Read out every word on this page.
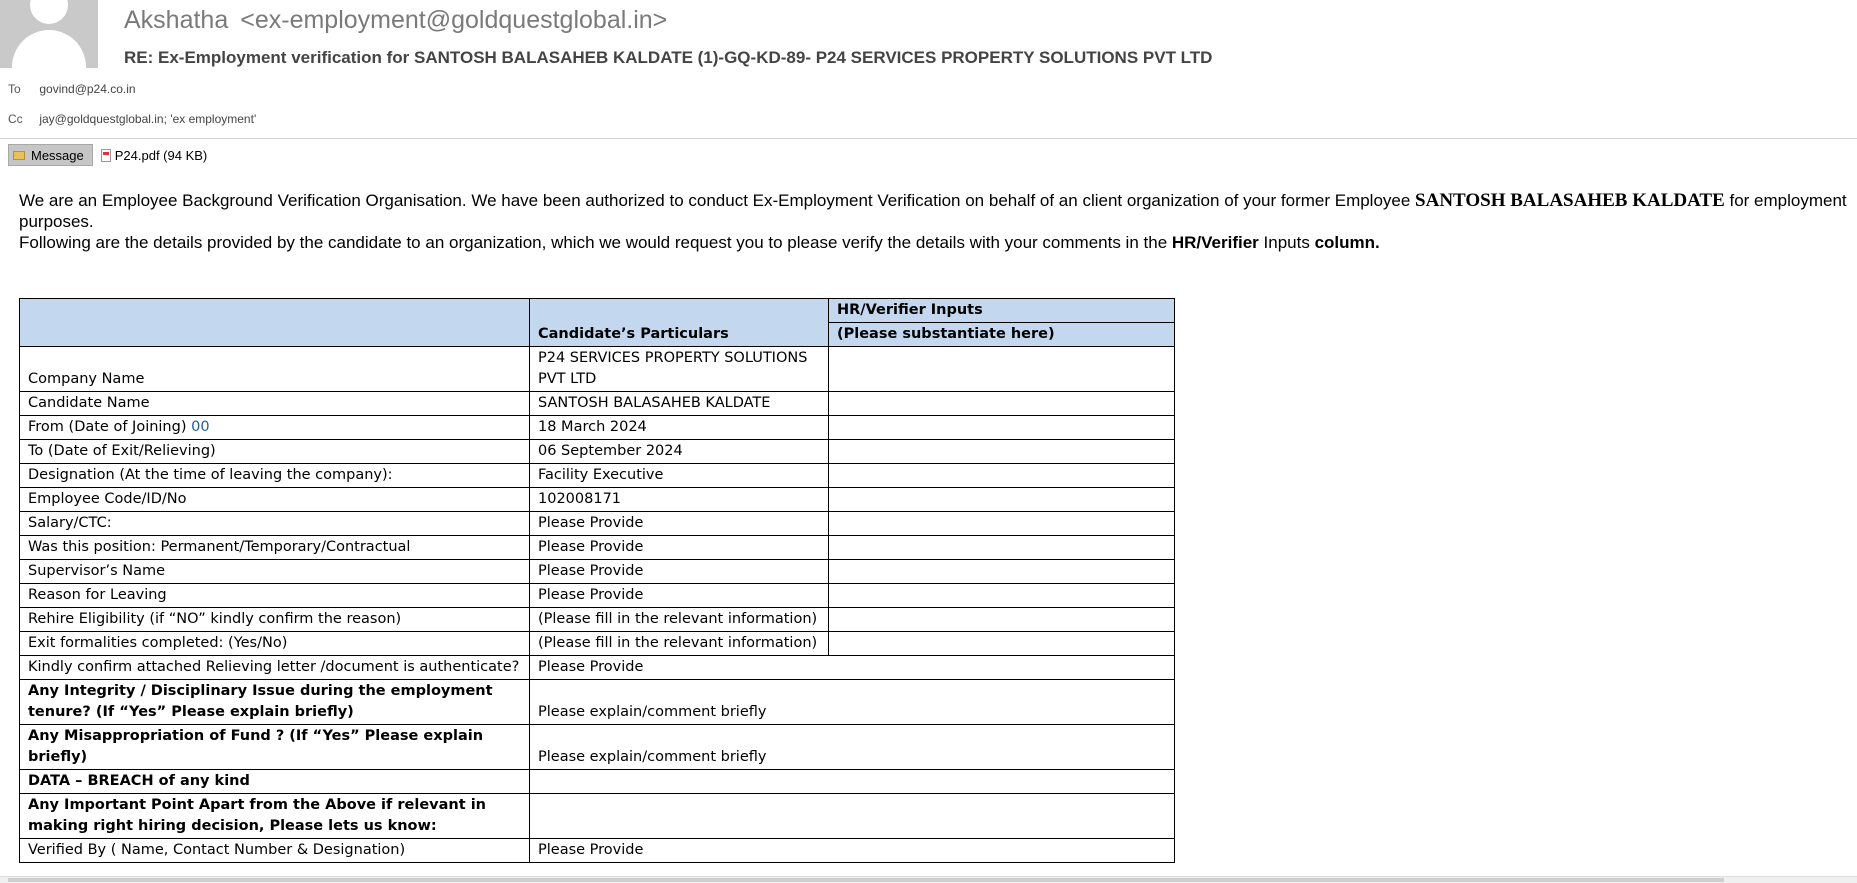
Akshatha <ex-employment@goldquestglobal.in>
RE: Ex-Employment verification for SANTOSH BALASAHEB KALDATE (1)-GQ-KD-89- P24 SERVICES PROPERTY SOLUTIONS PVT LTD
To govind@p24.co.in
Cc jay@goldquestglobal.in; 'ex employment'
Message P24.pdf (94 KB)

We are an Employee Background Verification Organisation. We have been authorized to conduct Ex-Employment Verification on behalf of an client organization of your former Employee SANTOSH BALASAHEB KALDATE for employment

purposes.

Following are the details provided by the candidate to an organization, which we would request you to please verify the details with your comments in the HR/Verifier Inputs column.

	Candidate’s Particulars	HR/Verifier Inputs
		(Please substantiate here)
Company Name	P24 SERVICES PROPERTY SOLUTIONS PVT LTD	
Candidate Name	SANTOSH BALASAHEB KALDATE	
From (Date of Joining) 00	18 March 2024	
To (Date of Exit/Relieving)	06 September 2024	
Designation (At the time of leaving the company):	Facility Executive	
Employee Code/ID/No	102008171	
Salary/CTC:	Please Provide	
Was this position: Permanent/Temporary/Contractual	Please Provide	
Supervisor’s Name	Please Provide	
Reason for Leaving	Please Provide	
Rehire Eligibility (if “NO” kindly confirm the reason)	(Please fill in the relevant information)	
Exit formalities completed: (Yes/No)	(Please fill in the relevant information)	
Kindly confirm attached Relieving letter /document is authenticate?	Please Provide	
Any Integrity / Disciplinary Issue during the employment tenure? (If “Yes” Please explain briefly)	Please explain/comment briefly	
Any Misappropriation of Fund ? (If “Yes” Please explain briefly)	Please explain/comment briefly	
DATA – BREACH of any kind		
Any Important Point Apart from the Above if relevant in making right hiring decision, Please lets us know:		
Verified By ( Name, Contact Number & Designation)	Please Provide	
